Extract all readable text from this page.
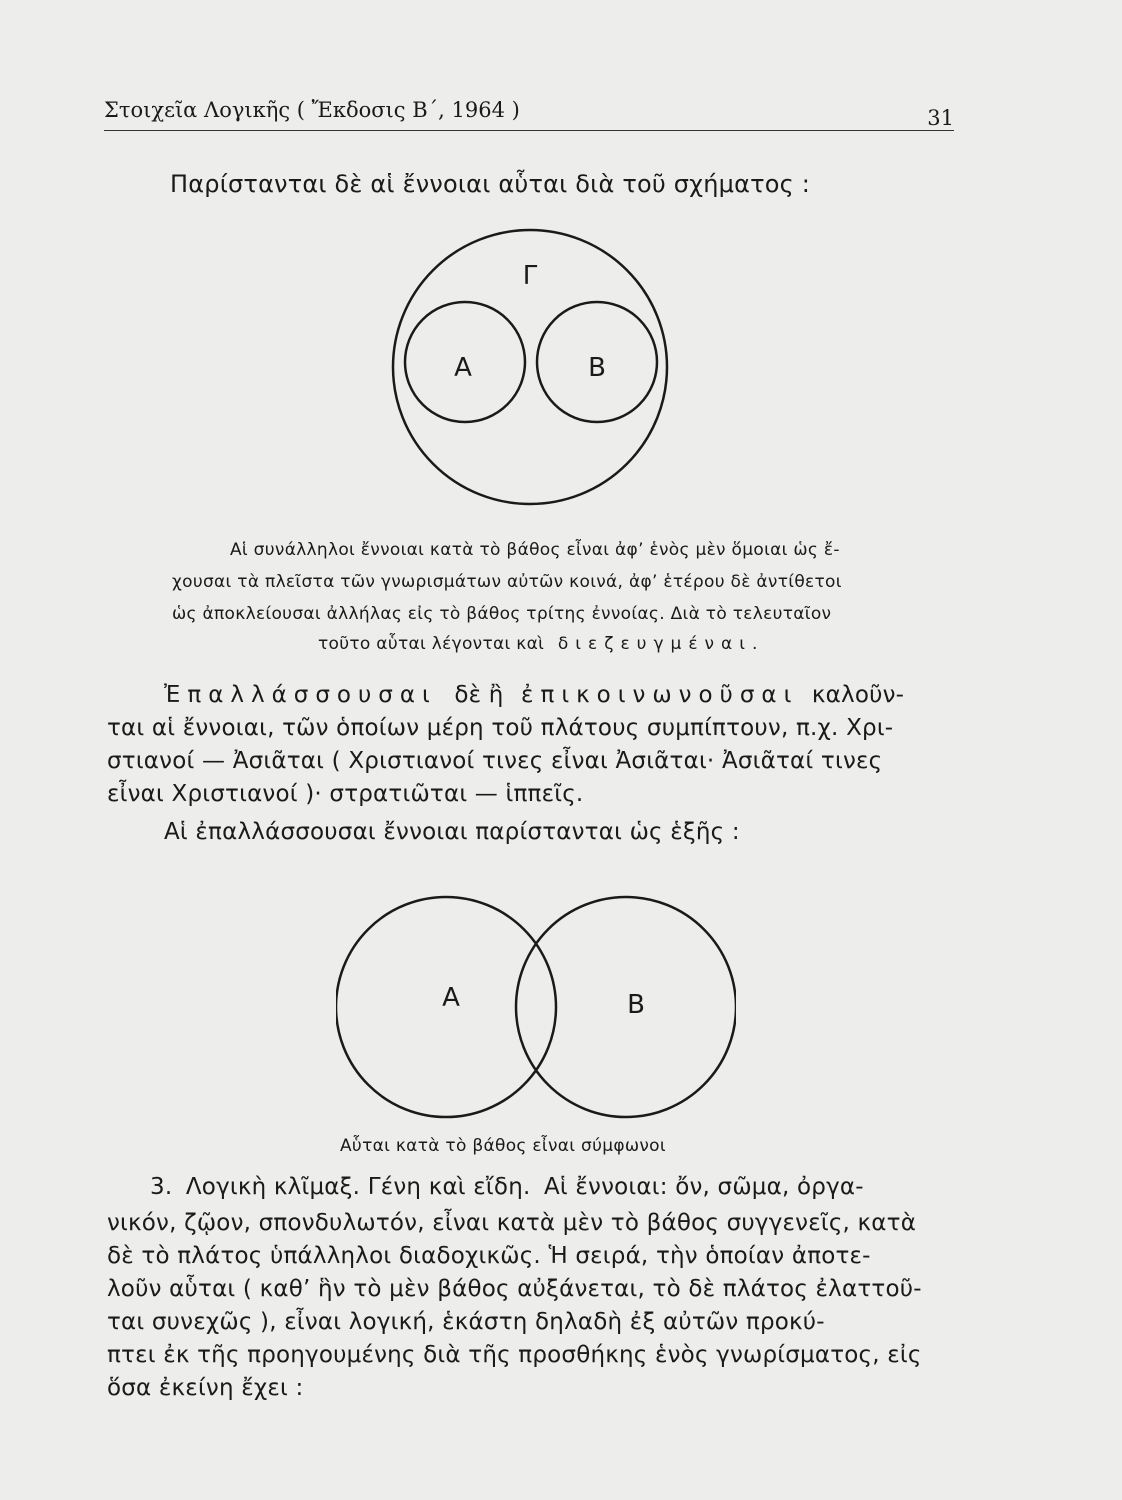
Στοιχεῖα Λογικῆς ( Ἔκδοσις Β΄, 1964 )	31
Παρίστανται δὲ αἱ ἔννοιαι αὗται διὰ τοῦ σχήματος :
Γ
Α	Β
Αἱ συνάλληλοι ἔννοιαι κατὰ τὸ βάθος εἶναι ἀφ’ ἑνὸς μὲν ὅμοιαι ὡς ἔ-
χουσαι τὰ πλεῖστα τῶν γνωρισμάτων αὐτῶν κοινά, ἀφ’ ἑτέρου δὲ ἀντίθετοι
ὡς ἀποκλείουσαι ἀλλήλας εἰς τὸ βάθος τρίτης ἐννοίας. Διὰ τὸ τελευταῖον
τοῦτο αὗται λέγονται καὶ διεζευγμέναι.
Ἐπαλλάσσουσαι δὲ ἢ ἐπικοινωνοῦσαι καλοῦν-
ται αἱ ἔννοιαι, τῶν ὁποίων μέρη τοῦ πλάτους συμπίπτουν, π.χ. Χρι-
στιανοί — Ἀσιᾶται ( Χριστιανοί τινες εἶναι Ἀσιᾶται· Ἀσιᾶταί τινες
εἶναι Χριστιανοί )· στρατιῶται — ἱππεῖς.
Αἱ ἐπαλλάσσουσαι ἔννοιαι παρίστανται ὡς ἑξῆς :
Α	Β
Αὗται κατὰ τὸ βάθος εἶναι σύμφωνοι
3. Λογικὴ κλῖμαξ. Γένη καὶ εἴδη. Αἱ ἔννοιαι: ὄν, σῶμα, ὀργα-
νικόν, ζῷον, σπονδυλωτόν, εἶναι κατὰ μὲν τὸ βάθος συγγενεῖς, κατὰ
δὲ τὸ πλάτος ὑπάλληλοι διαδοχικῶς. Ἡ σειρά, τὴν ὁποίαν ἀποτε-
λοῦν αὗται ( καθ’ ἣν τὸ μὲν βάθος αὐξάνεται, τὸ δὲ πλάτος ἐλαττοῦ-
ται συνεχῶς ), εἶναι λογική, ἑκάστη δηλαδὴ ἐξ αὐτῶν προκύ-
πτει ἐκ τῆς προηγουμένης διὰ τῆς προσθήκης ἑνὸς γνωρίσματος, εἰς
ὅσα ἐκείνη ἔχει :
